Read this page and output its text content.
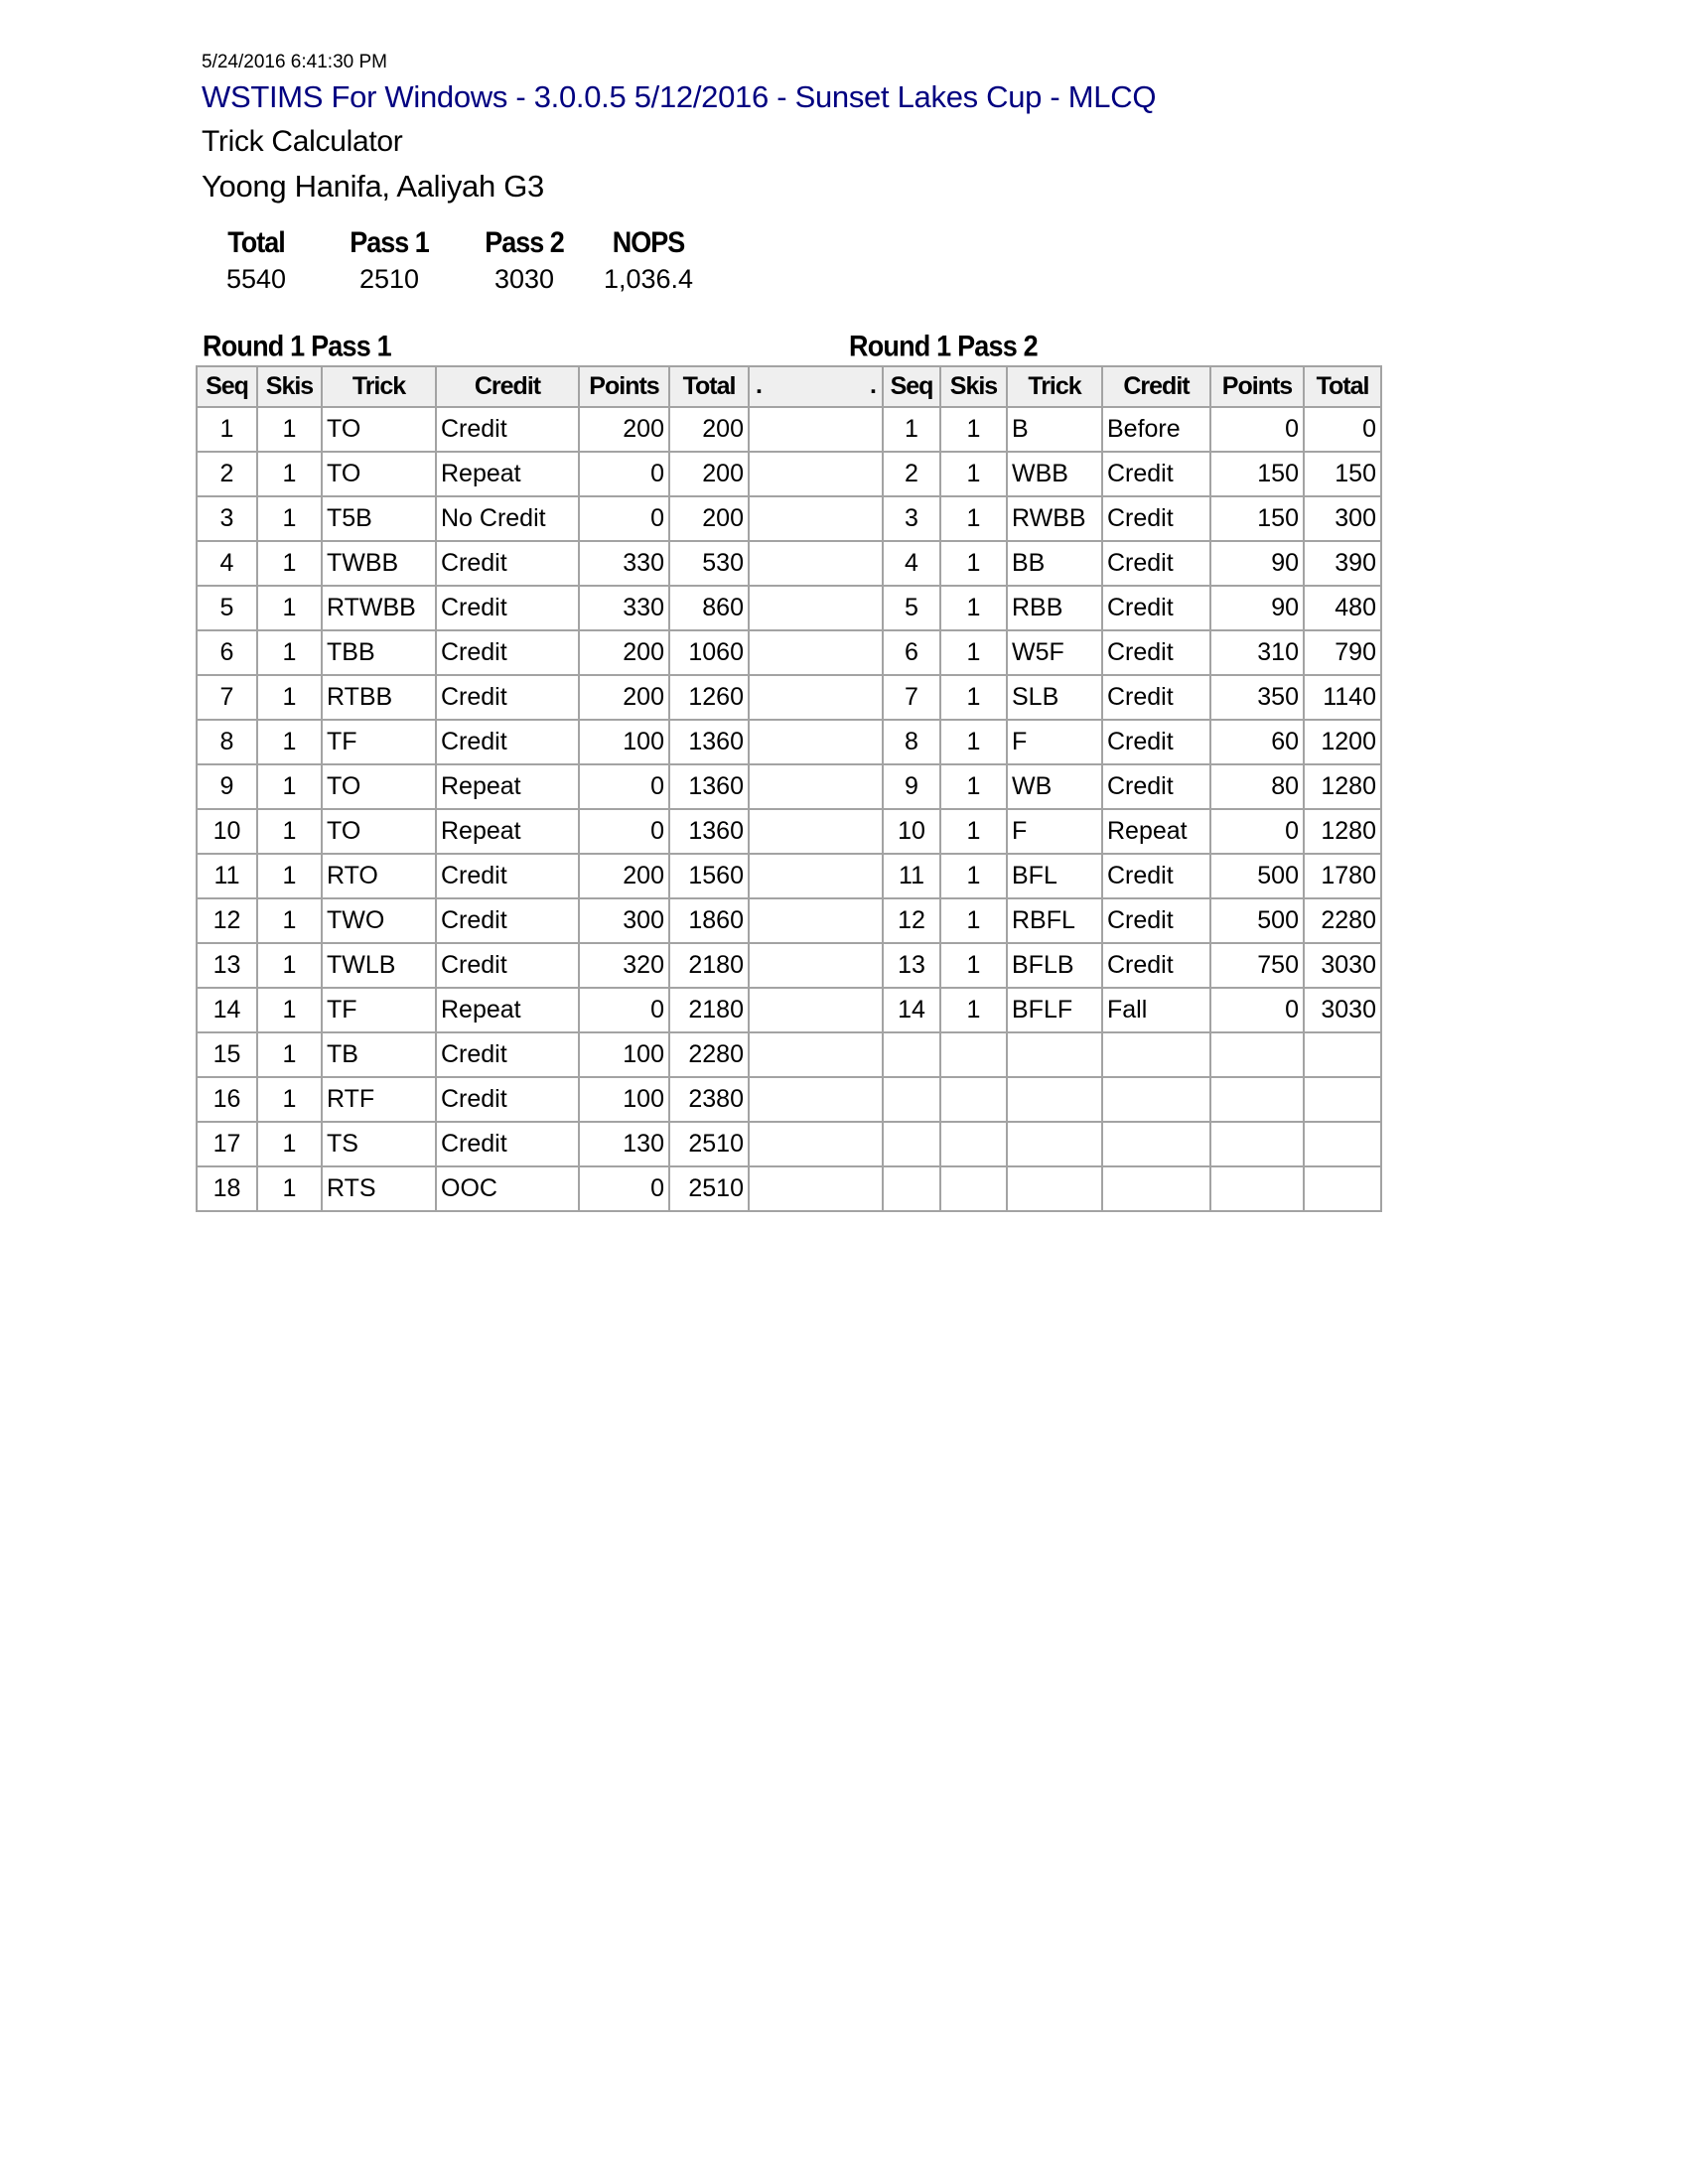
5/24/2016 6:41:30 PM
WSTIMS For Windows - 3.0.0.5 5/12/2016 - Sunset Lakes Cup - MLCQ
Trick Calculator
Yoong Hanifa, Aaliyah G3
Total
5540
Pass 1
2510
Pass 2
3030
NOPS
1,036.4
Round 1 Pass 1	Round 1 Pass 2
Seq	Skis	Trick	Credit	Points	Total	. .	Seq	Skis	Trick	Credit	Points	Total
1	1	TO	Credit	200	200		1	1	B	Before	0	0
2	1	TO	Repeat	0	200		2	1	WBB	Credit	150	150
3	1	T5B	No Credit	0	200		3	1	RWBB	Credit	150	300
4	1	TWBB	Credit	330	530		4	1	BB	Credit	90	390
5	1	RTWBB	Credit	330	860		5	1	RBB	Credit	90	480
6	1	TBB	Credit	200	1060		6	1	W5F	Credit	310	790
7	1	RTBB	Credit	200	1260		7	1	SLB	Credit	350	1140
8	1	TF	Credit	100	1360		8	1	F	Credit	60	1200
9	1	TO	Repeat	0	1360		9	1	WB	Credit	80	1280
10	1	TO	Repeat	0	1360		10	1	F	Repeat	0	1280
11	1	RTO	Credit	200	1560		11	1	BFL	Credit	500	1780
12	1	TWO	Credit	300	1860		12	1	RBFL	Credit	500	2280
13	1	TWLB	Credit	320	2180		13	1	BFLB	Credit	750	3030
14	1	TF	Repeat	0	2180		14	1	BFLF	Fall	0	3030
15	1	TB	Credit	100	2280							
16	1	RTF	Credit	100	2380							
17	1	TS	Credit	130	2510							
18	1	RTS	OOC	0	2510							
